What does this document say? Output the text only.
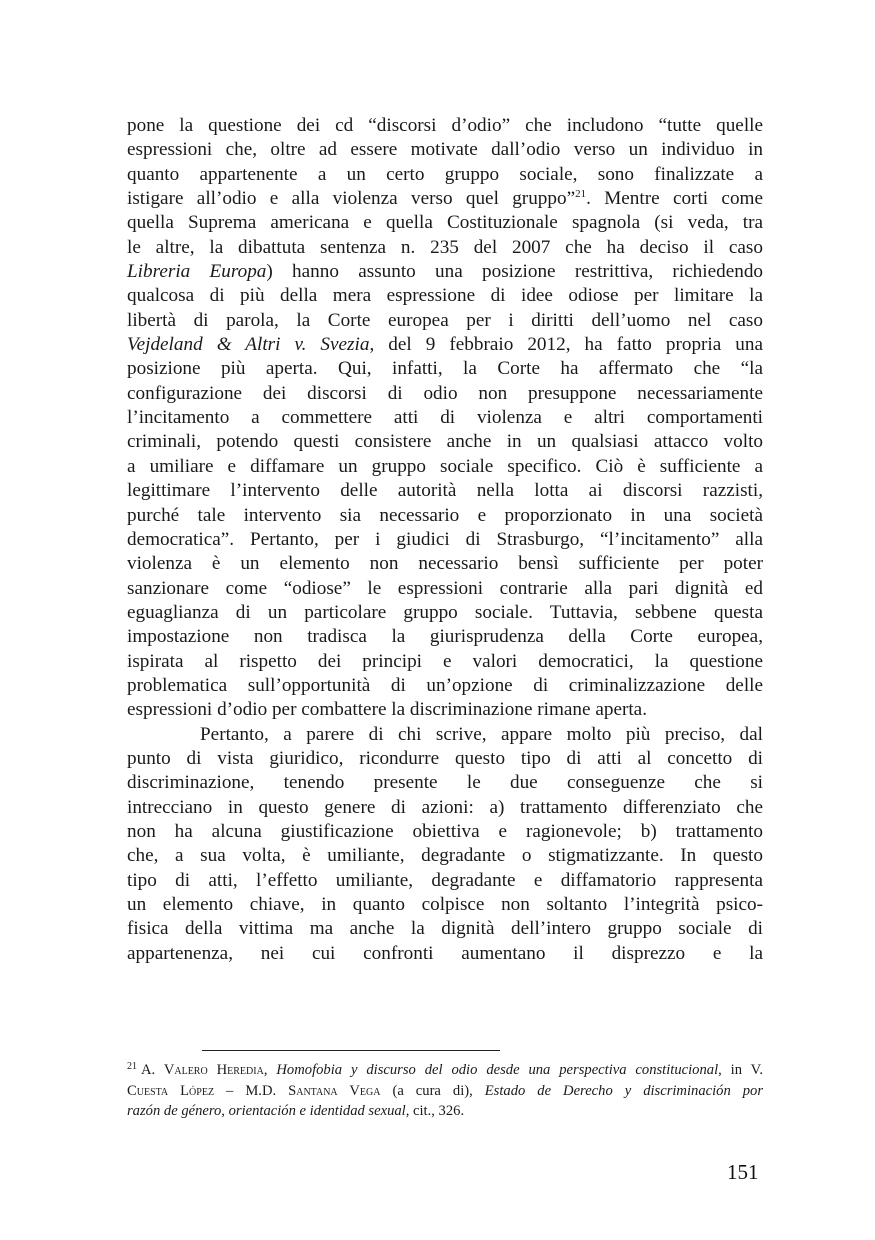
pone la questione dei cd “discorsi d’odio” che includono “tutte quelle
espressioni che, oltre ad essere motivate dall’odio verso un individuo in
quanto appartenente a un certo gruppo sociale, sono finalizzate a
istigare all’odio e alla violenza verso quel gruppo”$^{21}$. Mentre corti come
quella Suprema americana e quella Costituzionale spagnola (si veda, tra
le altre, la dibattuta sentenza n. 235 del 2007 che ha deciso il caso
Libreria Europa) hanno assunto una posizione restrittiva, richiedendo
qualcosa di più della mera espressione di idee odiose per limitare la
libertà di parola, la Corte europea per i diritti dell’uomo nel caso
Vejdeland & Altri v. Svezia, del 9 febbraio 2012, ha fatto propria una
posizione più aperta. Qui, infatti, la Corte ha affermato che “la
configurazione dei discorsi di odio non presuppone necessariamente
l’incitamento a commettere atti di violenza e altri comportamenti
criminali, potendo questi consistere anche in un qualsiasi attacco volto
a umiliare e diffamare un gruppo sociale specifico. Ciò è sufficiente a
legittimare l’intervento delle autorità nella lotta ai discorsi razzisti,
purché tale intervento sia necessario e proporzionato in una società
democratica”. Pertanto, per i giudici di Strasburgo, “l’incitamento” alla
violenza è un elemento non necessario bensì sufficiente per poter
sanzionare come “odiose” le espressioni contrarie alla pari dignità ed
eguaglianza di un particolare gruppo sociale. Tuttavia, sebbene questa
impostazione non tradisca la giurisprudenza della Corte europea,
ispirata al rispetto dei principi e valori democratici, la questione
problematica sull’opportunità di un’opzione di criminalizzazione delle
espressioni d’odio per combattere la discriminazione rimane aperta.
Pertanto, a parere di chi scrive, appare molto più preciso, dal
punto di vista giuridico, ricondurre questo tipo di atti al concetto di
discriminazione, tenendo presente le due conseguenze che si
intrecciano in questo genere di azioni: a) trattamento differenziato che
non ha alcuna giustificazione obiettiva e ragionevole; b) trattamento
che, a sua volta, è umiliante, degradante o stigmatizzante. In questo
tipo di atti, l’effetto umiliante, degradante e diffamatorio rappresenta
un elemento chiave, in quanto colpisce non soltanto l’integrità psico-
fisica della vittima ma anche la dignità dell’intero gruppo sociale di
appartenenza, nei cui confronti aumentano il disprezzo e la
$^{21}$ A. Valero Heredia, Homofobia y discurso del odio desde una perspectiva constitucional, in V.
Cuesta López – M.D. Santana Vega (a cura di), Estado de Derecho y discriminación por
razón de género, orientación e identidad sexual, cit., 326.
151
